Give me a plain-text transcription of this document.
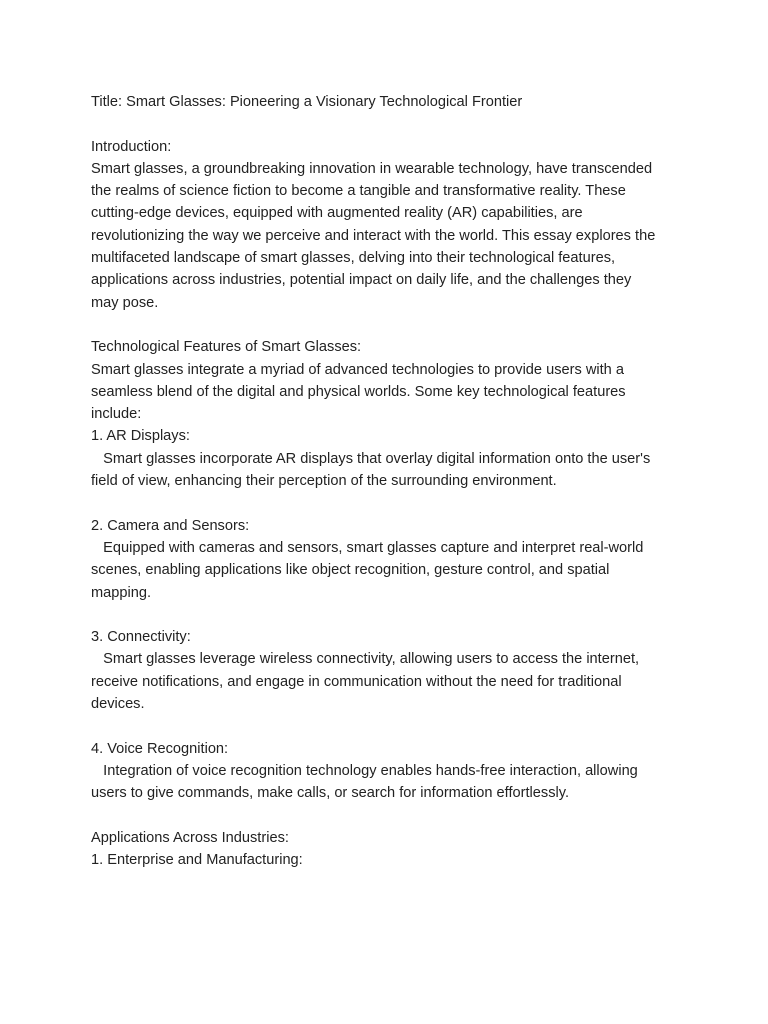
Title: Smart Glasses: Pioneering a Visionary Technological Frontier
Introduction:
Smart glasses, a groundbreaking innovation in wearable technology, have transcended
the realms of science fiction to become a tangible and transformative reality. These
cutting-edge devices, equipped with augmented reality (AR) capabilities, are
revolutionizing the way we perceive and interact with the world. This essay explores the
multifaceted landscape of smart glasses, delving into their technological features,
applications across industries, potential impact on daily life, and the challenges they
may pose.
Technological Features of Smart Glasses:
Smart glasses integrate a myriad of advanced technologies to provide users with a
seamless blend of the digital and physical worlds. Some key technological features
include:
1. AR Displays:
Smart glasses incorporate AR displays that overlay digital information onto the user's
field of view, enhancing their perception of the surrounding environment.
2. Camera and Sensors:
Equipped with cameras and sensors, smart glasses capture and interpret real-world
scenes, enabling applications like object recognition, gesture control, and spatial
mapping.
3. Connectivity:
Smart glasses leverage wireless connectivity, allowing users to access the internet,
receive notifications, and engage in communication without the need for traditional
devices.
4. Voice Recognition:
Integration of voice recognition technology enables hands-free interaction, allowing
users to give commands, make calls, or search for information effortlessly.
Applications Across Industries:
1. Enterprise and Manufacturing:
